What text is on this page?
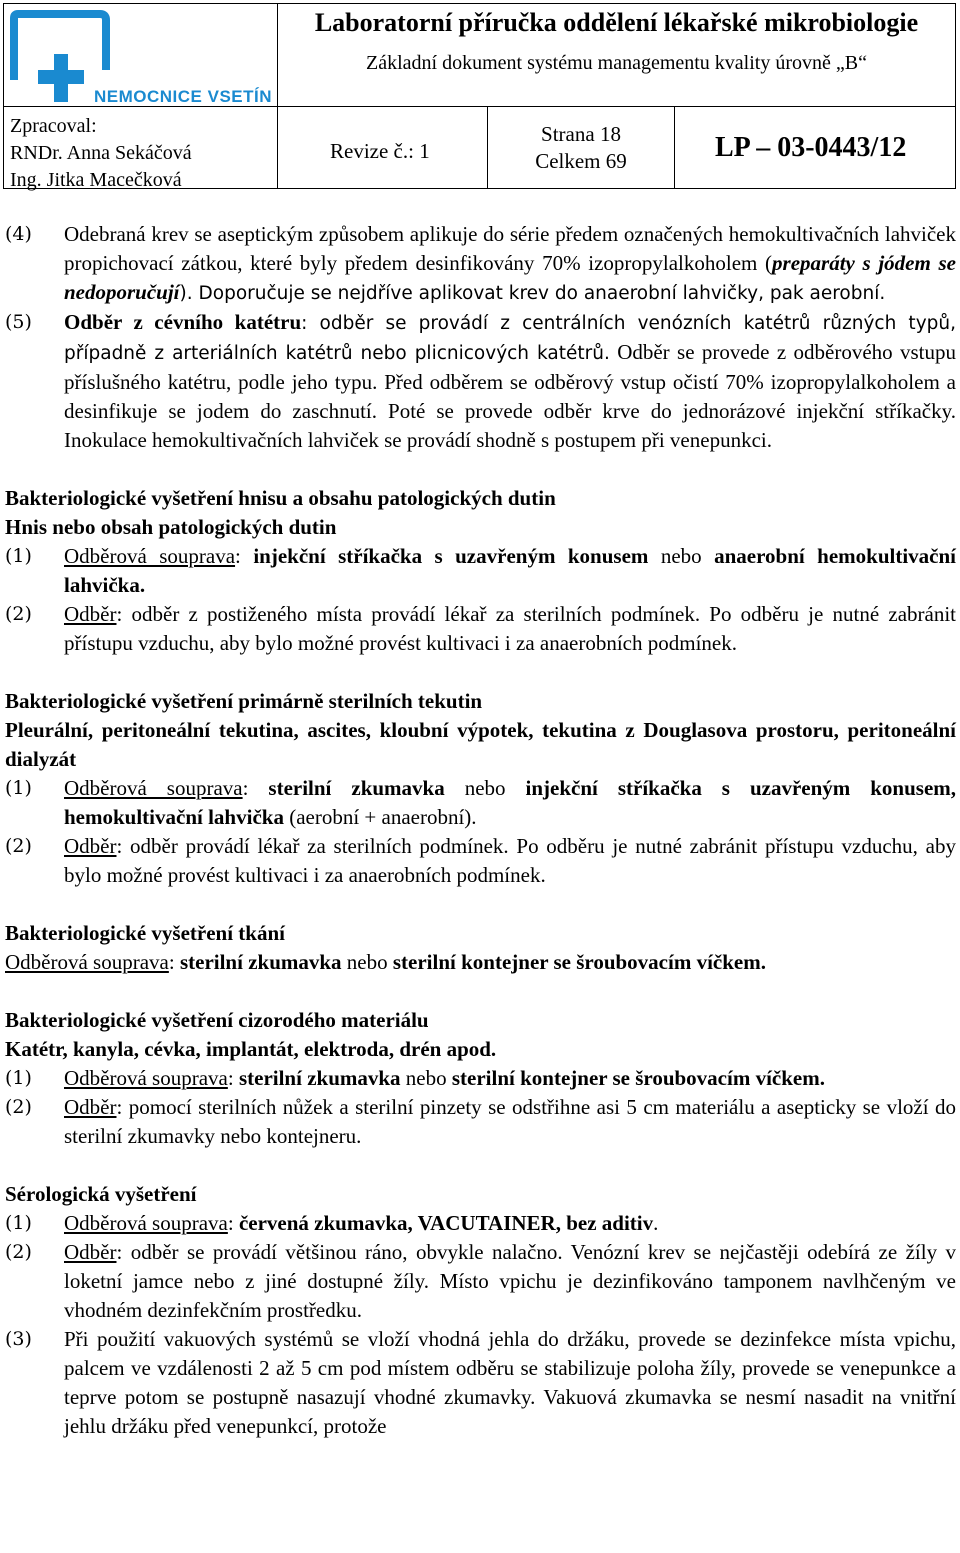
NEMOCNICE VSETÍN
Laboratorní příručka oddělení lékařské mikrobiologie
Základní dokument systému managementu kvality úrovně „B“
Zpracoval:
RNDr. Anna Sekáčová
Ing. Jitka Macečková
Revize č.: 1
Strana 18
Celkem 69	LP – 03-0443/12
(4) Odebraná krev se aseptickým způsobem aplikuje do série předem označených hemokultivačních lahviček propichovací zátkou, které byly předem desinfikovány 70% izopropylalkoholem (preparáty s jódem se nedoporučují). Doporučuje se nejdříve aplikovat krev do anaerobní lahvičky, pak aerobní.

(5) Odběr z cévního katétru: odběr se provádí z centrálních venózních katétrů různých typů, případně z arteriálních katétrů nebo plicnicových katétrů. Odběr se provede z odběrového vstupu příslušného katétru, podle jeho typu. Před odběrem se odběrový vstup očistí 70% izopropylalkoholem a desinfikuje se jodem do zaschnutí. Poté se provede odběr krve do jednorázové injekční stříkačky. Inokulace hemokultivačních lahviček se provádí shodně s postupem při venepunkci.

Bakteriologické vyšetření hnisu a obsahu patologických dutin

Hnis nebo obsah patologických dutin

(1) Odběrová souprava: injekční stříkačka s uzavřeným konusem nebo anaerobní hemokultivační lahvička.

(2) Odběr: odběr z postiženého místa provádí lékař za sterilních podmínek. Po odběru je nutné zabránit přístupu vzduchu, aby bylo možné provést kultivaci i za anaerobních podmínek.

Bakteriologické vyšetření primárně sterilních tekutin

Pleurální, peritoneální tekutina, ascites, kloubní výpotek, tekutina z Douglasova prostoru, peritoneální dialyzát

(1) Odběrová souprava: sterilní zkumavka nebo injekční stříkačka s uzavřeným konusem, hemokultivační lahvička (aerobní + anaerobní).

(2) Odběr: odběr provádí lékař za sterilních podmínek. Po odběru je nutné zabránit přístupu vzduchu, aby bylo možné provést kultivaci i za anaerobních podmínek.

Bakteriologické vyšetření tkání

Odběrová souprava: sterilní zkumavka nebo sterilní kontejner se šroubovacím víčkem.

Bakteriologické vyšetření cizorodého materiálu

Katétr, kanyla, cévka, implantát, elektroda, drén apod.

(1) Odběrová souprava: sterilní zkumavka nebo sterilní kontejner se šroubovacím víčkem.

(2) Odběr: pomocí sterilních nůžek a sterilní pinzety se odstřihne asi 5 cm materiálu a asepticky se vloží do sterilní zkumavky nebo kontejneru.

Sérologická vyšetření

(1) Odběrová souprava: červená zkumavka, VACUTAINER, bez aditiv.

(2) Odběr: odběr se provádí většinou ráno, obvykle nalačno. Venózní krev se nejčastěji odebírá ze žíly v loketní jamce nebo z jiné dostupné žíly. Místo vpichu je dezinfikováno tamponem navlhčeným ve vhodném dezinfekčním prostředku.

(3) Při použití vakuových systémů se vloží vhodná jehla do držáku, provede se dezinfekce místa vpichu, palcem ve vzdálenosti 2 až 5 cm pod místem odběru se stabilizuje poloha žíly, provede se venepunkce a teprve potom se postupně nasazují vhodné zkumavky. Vakuová zkumavka se nesmí nasadit na vnitřní jehlu držáku před venepunkcí, protože
